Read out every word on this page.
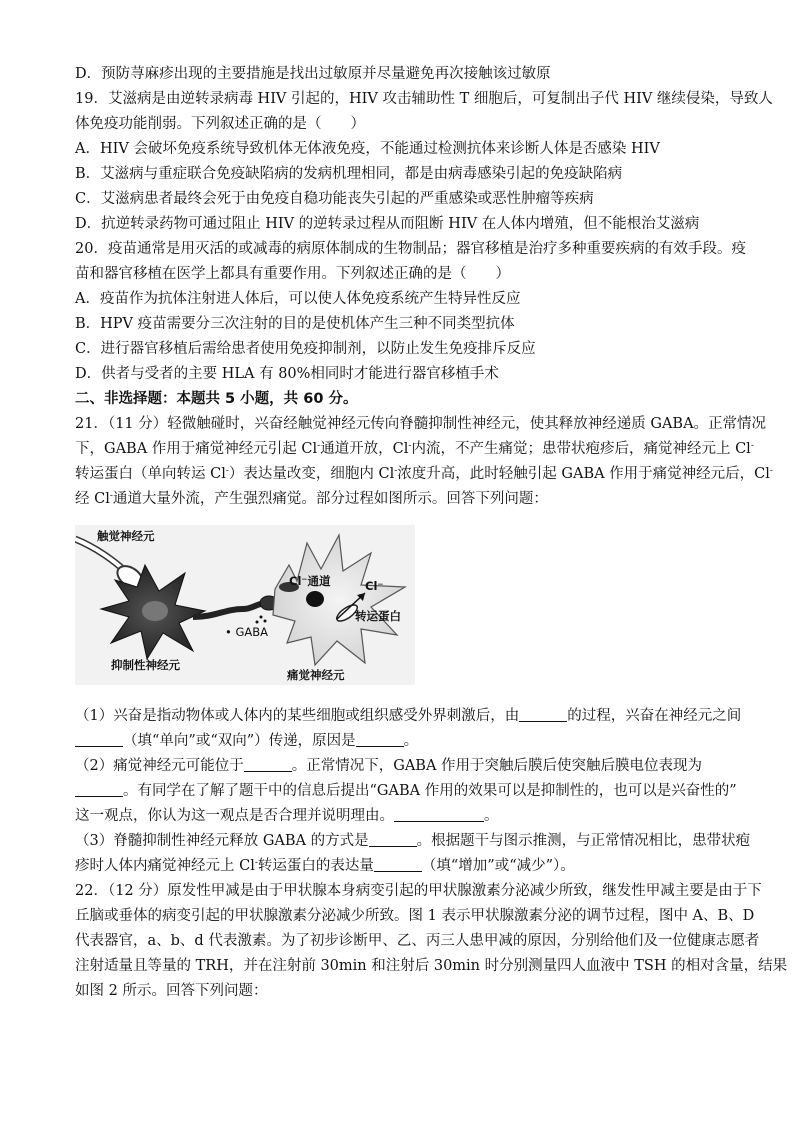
D．预防荨麻疹出现的主要措施是找出过敏原并尽量避免再次接触该过敏原
19．艾滋病是由逆转录病毒 HIV 引起的，HIV 攻击辅助性 T 细胞后，可复制出子代 HIV 继续侵染，导致人
体免疫功能削弱。下列叙述正确的是（　　）
A．HIV 会破坏免疫系统导致机体无体液免疫，不能通过检测抗体来诊断人体是否感染 HIV
B．艾滋病与重症联合免疫缺陷病的发病机理相同，都是由病毒感染引起的免疫缺陷病
C．艾滋病患者最终会死于由免疫自稳功能丧失引起的严重感染或恶性肿瘤等疾病
D．抗逆转录药物可通过阻止 HIV 的逆转录过程从而阻断 HIV 在人体内增殖，但不能根治艾滋病
20．疫苗通常是用灭活的或减毒的病原体制成的生物制品；器官移植是治疗多种重要疾病的有效手段。疫
苗和器官移植在医学上都具有重要作用。下列叙述正确的是（　　）
A．疫苗作为抗体注射进人体后，可以使人体免疫系统产生特异性反应
B．HPV 疫苗需要分三次注射的目的是使机体产生三种不同类型抗体
C．进行器官移植后需给患者使用免疫抑制剂，以防止发生免疫排斥反应
D．供者与受者的主要 HLA 有 80%相同时才能进行器官移植手术
二、非选择题：本题共 5 小题，共 60 分。
21．（11 分）轻微触碰时，兴奋经触觉神经元传向脊髓抑制性神经元，使其释放神经递质 GABA。正常情况
下，GABA 作用于痛觉神经元引起 Cl-通道开放，Cl-内流，不产生痛觉；患带状疱疹后，痛觉神经元上 Cl-
转运蛋白（单向转运 Cl-）表达量改变，细胞内 Cl-浓度升高，此时轻触引起 GABA 作用于痛觉神经元后，Cl-
经 Cl-通道大量外流，产生强烈痛觉。部分过程如图所示。回答下列问题：
触觉神经元
Cl⁻通道	Cl⁻
转运蛋白
• GABA
抑制性神经元
痛觉神经元
（1）兴奋是指动物体或人体内的某些细胞或组织感受外界刺激后，由	的过程，兴奋在神经元之间
（填“单向”或“双向”）传递，原因是	。
（2）痛觉神经元可能位于	。正常情况下，GABA 作用于突触后膜后使突触后膜电位表现为
。有同学在了解了题干中的信息后提出“GABA 作用的效果可以是抑制性的，也可以是兴奋性的”
这一观点，你认为这一观点是否合理并说明理由。	。
（3）脊髓抑制性神经元释放 GABA 的方式是	。根据题干与图示推测，与正常情况相比，患带状疱
疹时人体内痛觉神经元上 Cl-转运蛋白的表达量	（填“增加”或“减少”）。
22．（12 分）原发性甲减是由于甲状腺本身病变引起的甲状腺激素分泌减少所致，继发性甲减主要是由于下
丘脑或垂体的病变引起的甲状腺激素分泌减少所致。图 1 表示甲状腺激素分泌的调节过程，图中 A、B、D
代表器官，a、b、d 代表激素。为了初步诊断甲、乙、丙三人患甲减的原因，分别给他们及一位健康志愿者
注射适量且等量的 TRH，并在注射前 30min 和注射后 30min 时分别测量四人血液中 TSH 的相对含量，结果
如图 2 所示。回答下列问题：
